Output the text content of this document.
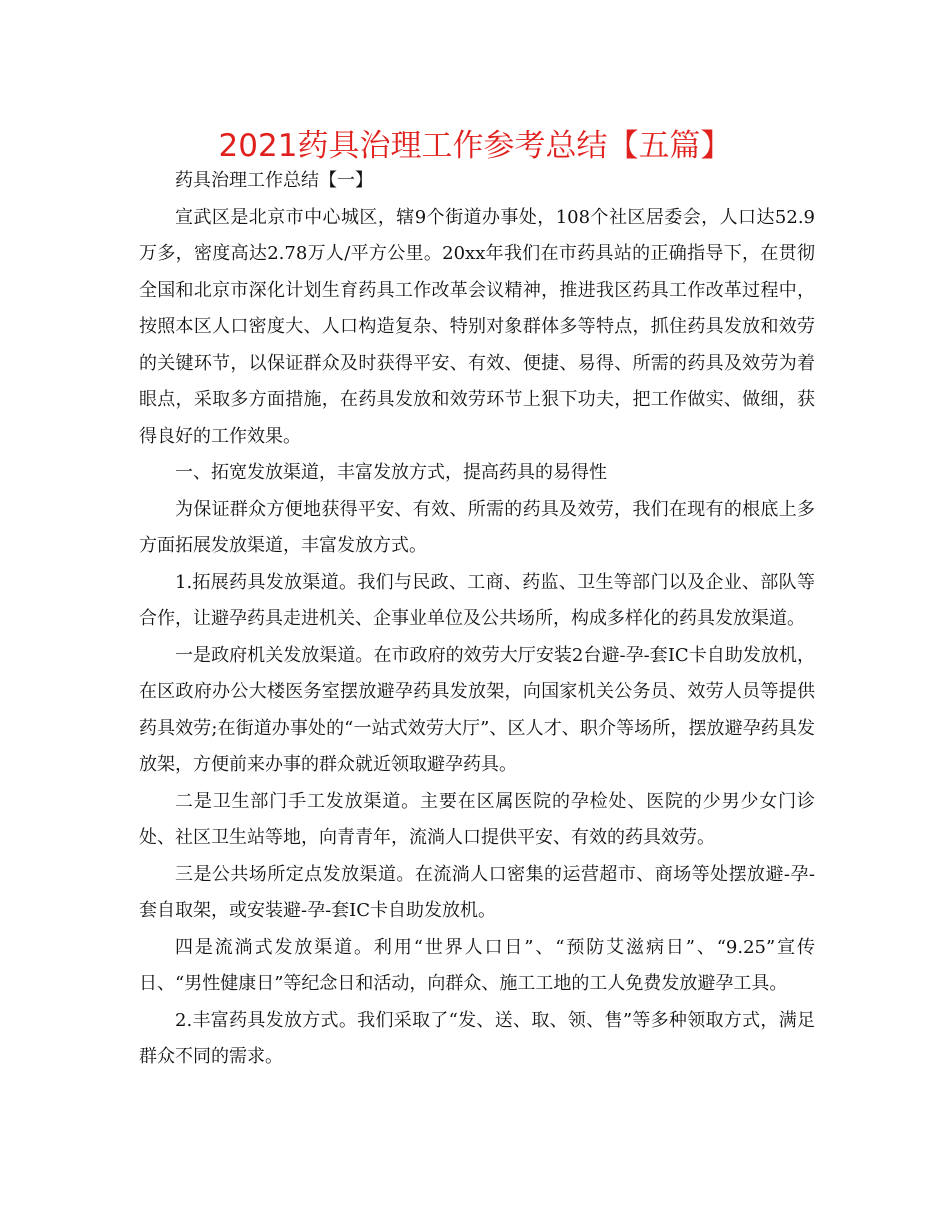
2021药具治理工作参考总结【五篇】

药具治理工作总结【一】

宣武区是北京市中心城区，辖9个街道办事处，108个社区居委会，人口达52.9万多，密度高达2.78万人/平方公里。20xx年我们在市药具站的正确指导下，在贯彻全国和北京市深化计划生育药具工作改革会议精神，推进我区药具工作改革过程中，按照本区人口密度大、人口构造复杂、特别对象群体多等特点，抓住药具发放和效劳的关键环节，以保证群众及时获得平安、有效、便捷、易得、所需的药具及效劳为着眼点，采取多方面措施，在药具发放和效劳环节上狠下功夫，把工作做实、做细，获得良好的工作效果。

一、拓宽发放渠道，丰富发放方式，提高药具的易得性

为保证群众方便地获得平安、有效、所需的药具及效劳，我们在现有的根底上多方面拓展发放渠道，丰富发放方式。

1.拓展药具发放渠道。我们与民政、工商、药监、卫生等部门以及企业、部队等合作，让避孕药具走进机关、企事业单位及公共场所，构成多样化的药具发放渠道。

一是政府机关发放渠道。在市政府的效劳大厅安装2台避-孕-套IC卡自助发放机，在区政府办公大楼医务室摆放避孕药具发放架，向国家机关公务员、效劳人员等提供药具效劳;在街道办事处的“一站式效劳大厅”、区人才、职介等场所，摆放避孕药具发放架，方便前来办事的群众就近领取避孕药具。

二是卫生部门手工发放渠道。主要在区属医院的孕检处、医院的少男少女门诊处、社区卫生站等地，向青青年，流淌人口提供平安、有效的药具效劳。

三是公共场所定点发放渠道。在流淌人口密集的运营超市、商场等处摆放避-孕-套自取架，或安装避-孕-套IC卡自助发放机。

四是流淌式发放渠道。利用“世界人口日”、“预防艾滋病日”、“9.25”宣传日、“男性健康日”等纪念日和活动，向群众、施工工地的工人免费发放避孕工具。

2.丰富药具发放方式。我们采取了“发、送、取、领、售”等多种领取方式，满足群众不同的需求。
